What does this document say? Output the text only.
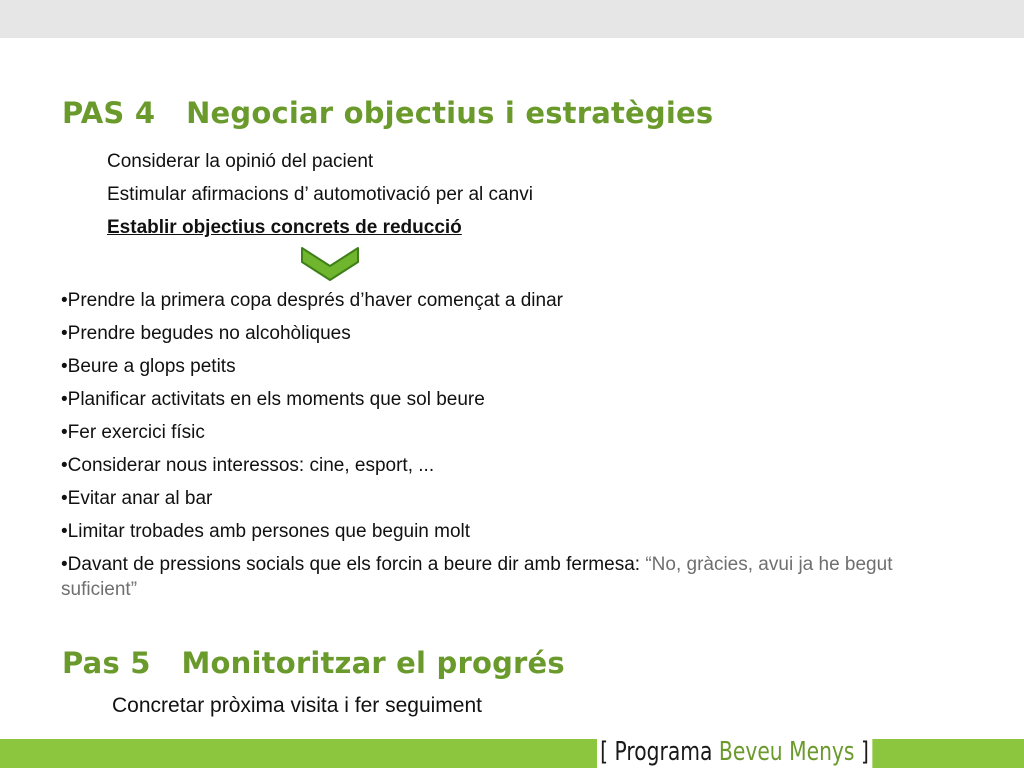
PAS 4   Negociar objectius i estratègies
Considerar la opinió del pacient
Estimular afirmacions d’ automotivació per al canvi
Establir objectius concrets de reducció
•Prendre la primera copa després d’haver començat a dinar
•Prendre begudes no alcohòliques
•Beure a glops petits
•Planificar activitats en els moments que sol beure
•Fer exercici físic
•Considerar nous interessos: cine, esport, ...
•Evitar anar al bar
•Limitar trobades amb persones que beguin molt
•Davant de pressions socials que els forcin a beure dir amb fermesa: “No, gràcies, avui ja he begut suficient”
Pas 5   Monitoritzar el progrés
Concretar pròxima visita i fer seguiment
[ Programa Beveu Menys ]
